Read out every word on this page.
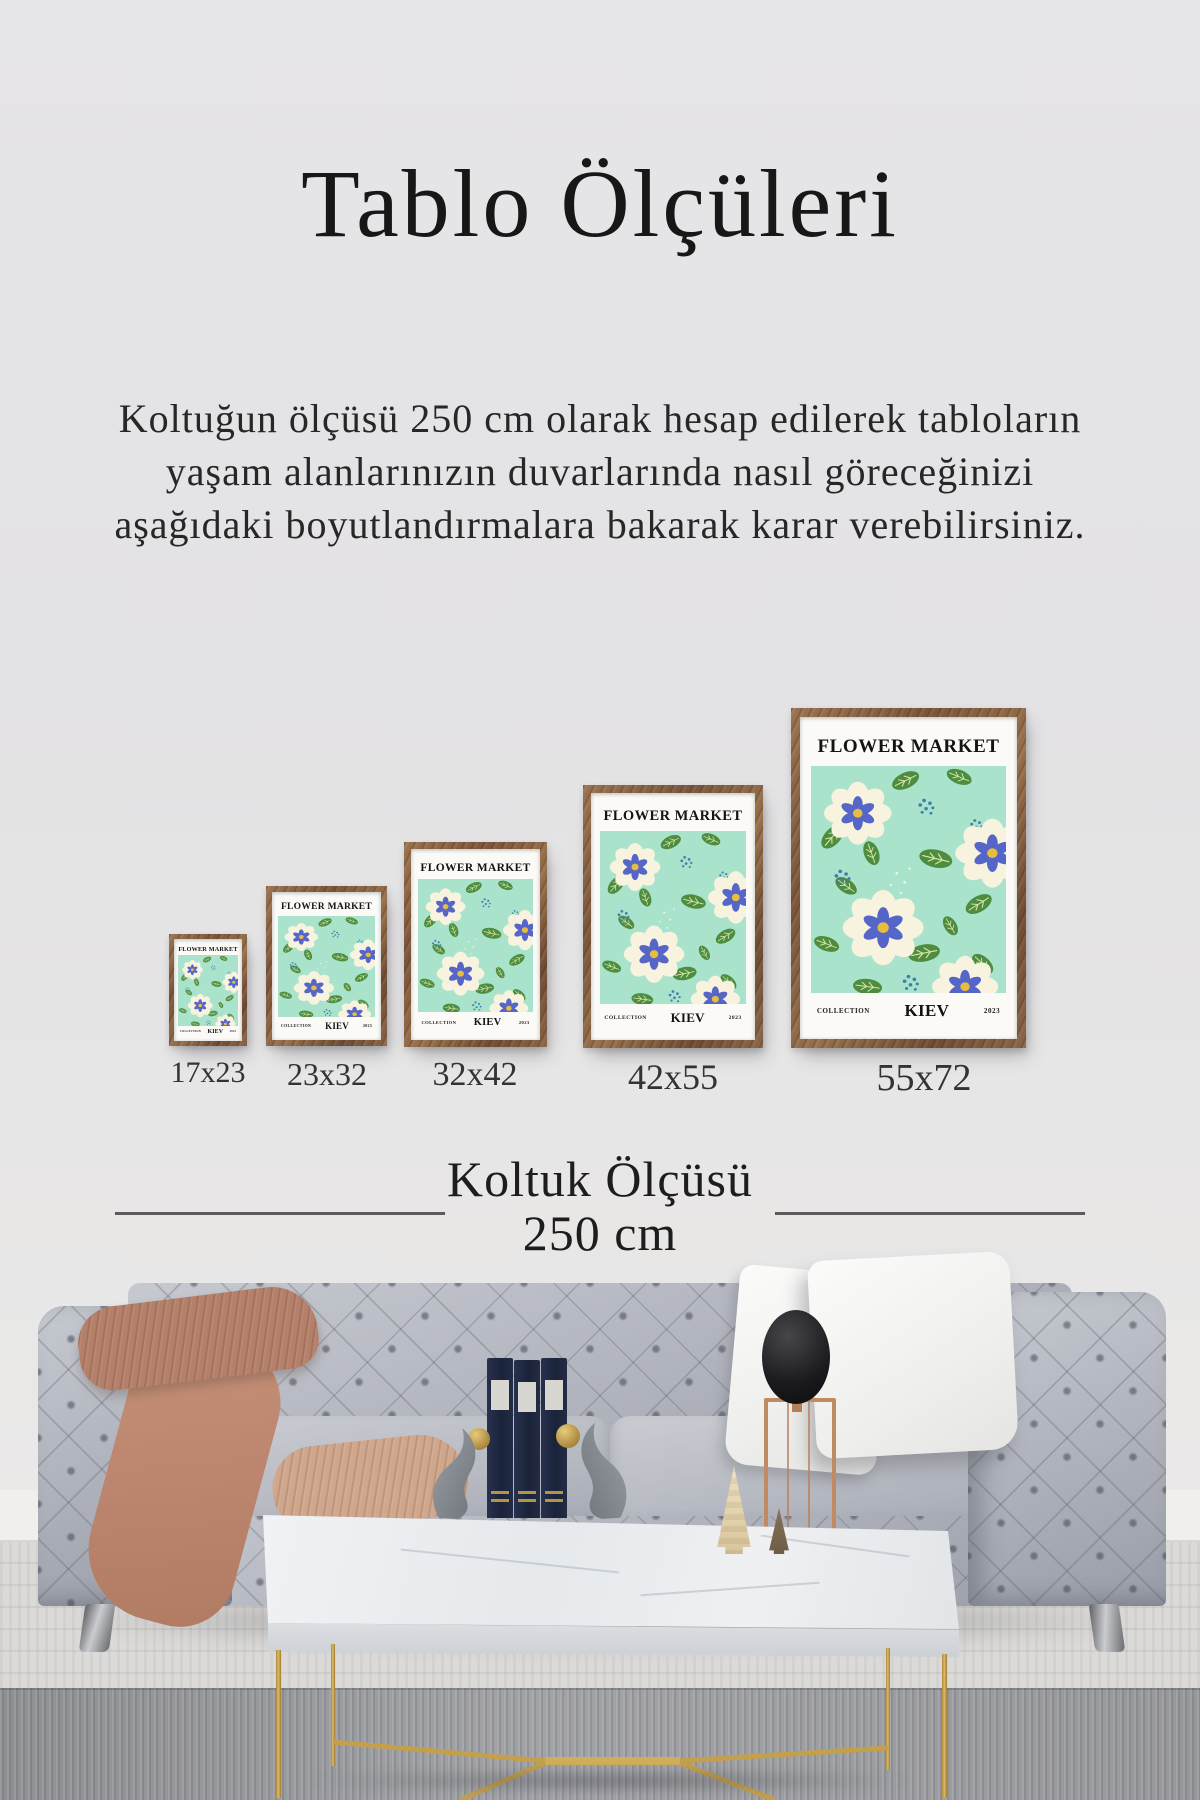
Tablo Ölçüleri
Koltuğun ölçüsü 250 cm olarak hesap edilerek tabloların
yaşam alanlarınızın duvarlarında nasıl göreceğinizi
aşağıdaki boyutlandırmalara bakarak karar verebilirsiniz.
FLOWER MARKET
COLLECTION KIEV 2023
FLOWER MARKET
COLLECTION KIEV	2023
FLOWER MARKET
COLLECTION KIEV	2023
FLOWER MARKET
COLLECTION KIEV	2023
FLOWER MARKET
COLLECTION KIEV	2023
17x23	23x32	32x42	42x55	55x72
Koltuk Ölçüsü
250 cm
